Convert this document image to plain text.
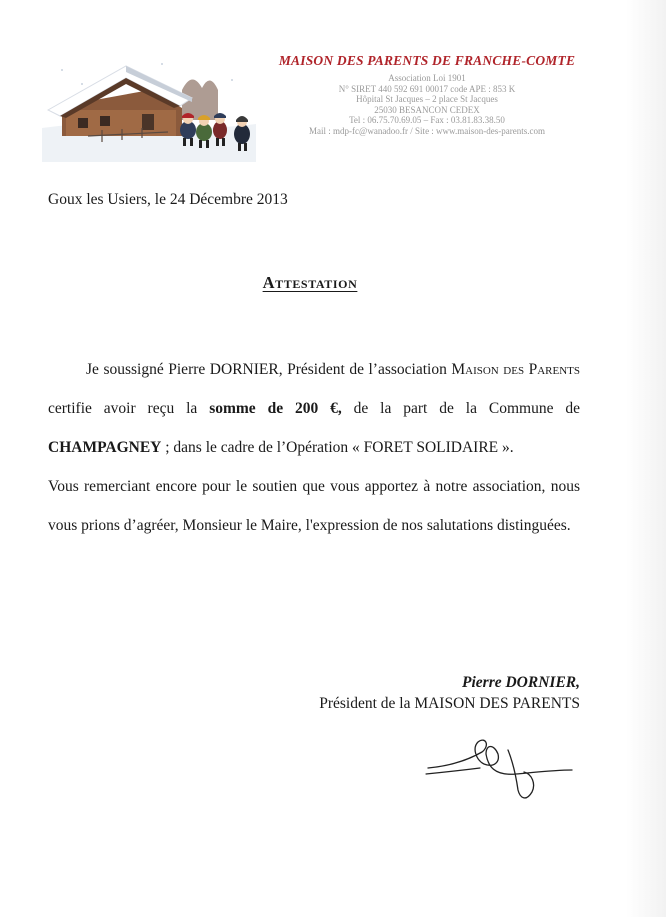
MAISON DES PARENTS DE FRANCHE-COMTE
Association Loi 1901
N° SIRET 440 592 691 00017 code APE : 853 K
Hôpital St Jacques – 2 place St Jacques
25030 BESANCON CEDEX
Tel : 06.75.70.69.05 – Fax : 03.81.83.38.50
Mail : mdp-fc@wanadoo.fr / Site : www.maison-des-parents.com
Goux les Usiers, le 24 Décembre 2013
Attestation

Je soussigné Pierre DORNIER, Président de l’association Maison des Parents certifie avoir reçu la somme de 200 €, de la part de la Commune de CHAMPAGNEY ; dans le cadre de l’Opération « FORET SOLIDAIRE ».

Vous remerciant encore pour le soutien que vous apportez à notre association, nous vous prions d’agréer, Monsieur le Maire, l'expression de nos salutations distinguées.

Pierre DORNIER,
Président de la MAISON DES PARENTS
